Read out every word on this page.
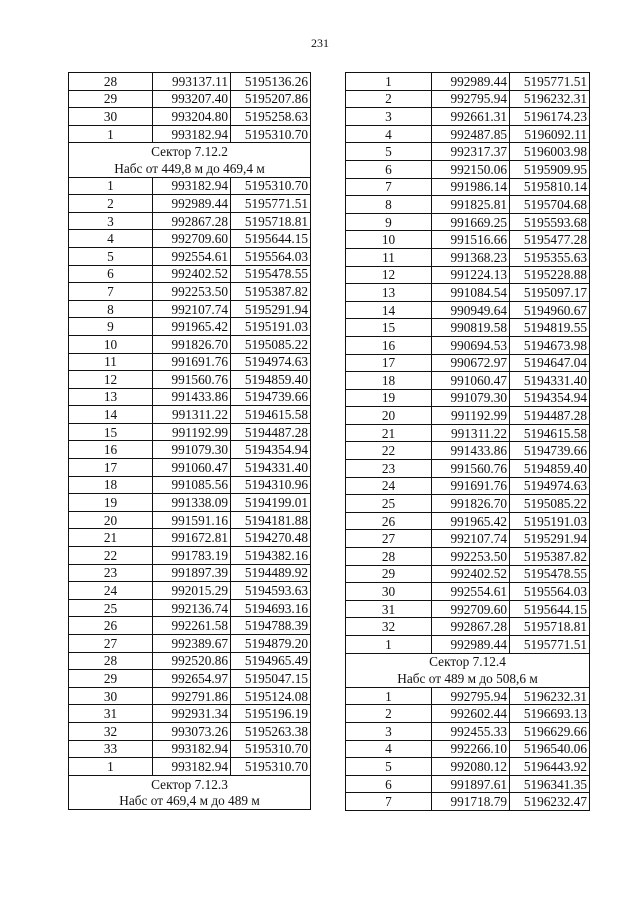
231
28	993137.11	5195136.26
29	993207.40	5195207.86
30	993204.80	5195258.63
1	993182.94	5195310.70
Сектор 7.12.2		
Набс от 449,8 м до 469,4 м		
1	993182.94	5195310.70
2	992989.44	5195771.51
3	992867.28	5195718.81
4	992709.60	5195644.15
5	992554.61	5195564.03
6	992402.52	5195478.55
7	992253.50	5195387.82
8	992107.74	5195291.94
9	991965.42	5195191.03
10	991826.70	5195085.22
11	991691.76	5194974.63
12	991560.76	5194859.40
13	991433.86	5194739.66
14	991311.22	5194615.58
15	991192.99	5194487.28
16	991079.30	5194354.94
17	991060.47	5194331.40
18	991085.56	5194310.96
19	991338.09	5194199.01
20	991591.16	5194181.88
21	991672.81	5194270.48
22	991783.19	5194382.16
23	991897.39	5194489.92
24	992015.29	5194593.63
25	992136.74	5194693.16
26	992261.58	5194788.39
27	992389.67	5194879.20
28	992520.86	5194965.49
29	992654.97	5195047.15
30	992791.86	5195124.08
31	992931.34	5195196.19
32	993073.26	5195263.38
33	993182.94	5195310.70
1	993182.94	5195310.70
Сектор 7.12.3		
Набс от 469,4 м до 489 м		
1	992989.44	5195771.51
2	992795.94	5196232.31
3	992661.31	5196174.23
4	992487.85	5196092.11
5	992317.37	5196003.98
6	992150.06	5195909.95
7	991986.14	5195810.14
8	991825.81	5195704.68
9	991669.25	5195593.68
10	991516.66	5195477.28
11	991368.23	5195355.63
12	991224.13	5195228.88
13	991084.54	5195097.17
14	990949.64	5194960.67
15	990819.58	5194819.55
16	990694.53	5194673.98
17	990672.97	5194647.04
18	991060.47	5194331.40
19	991079.30	5194354.94
20	991192.99	5194487.28
21	991311.22	5194615.58
22	991433.86	5194739.66
23	991560.76	5194859.40
24	991691.76	5194974.63
25	991826.70	5195085.22
26	991965.42	5195191.03
27	992107.74	5195291.94
28	992253.50	5195387.82
29	992402.52	5195478.55
30	992554.61	5195564.03
31	992709.60	5195644.15
32	992867.28	5195718.81
1	992989.44	5195771.51
Сектор 7.12.4		
Набс от 489 м до 508,6 м		
1	992795.94	5196232.31
2	992602.44	5196693.13
3	992455.33	5196629.66
4	992266.10	5196540.06
5	992080.12	5196443.92
6	991897.61	5196341.35
7	991718.79	5196232.47
